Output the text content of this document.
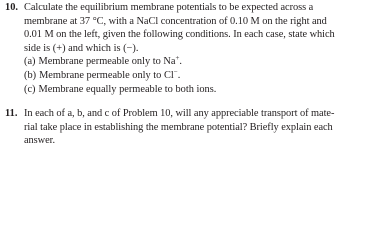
10. Calculate the equilibrium membrane potentials to be expected across a
membrane at 37 °C, with a NaCl concentration of 0.10 M on the right and
0.01 M on the left, given the following conditions. In each case, state which
side is (+) and which is (−).
(a) Membrane permeable only to Na+.
(b) Membrane permeable only to Cl−.
(c) Membrane equally permeable to both ions.
11. In each of a, b, and c of Problem 10, will any appreciable transport of mate-
rial take place in establishing the membrane potential? Briefly explain each
answer.
